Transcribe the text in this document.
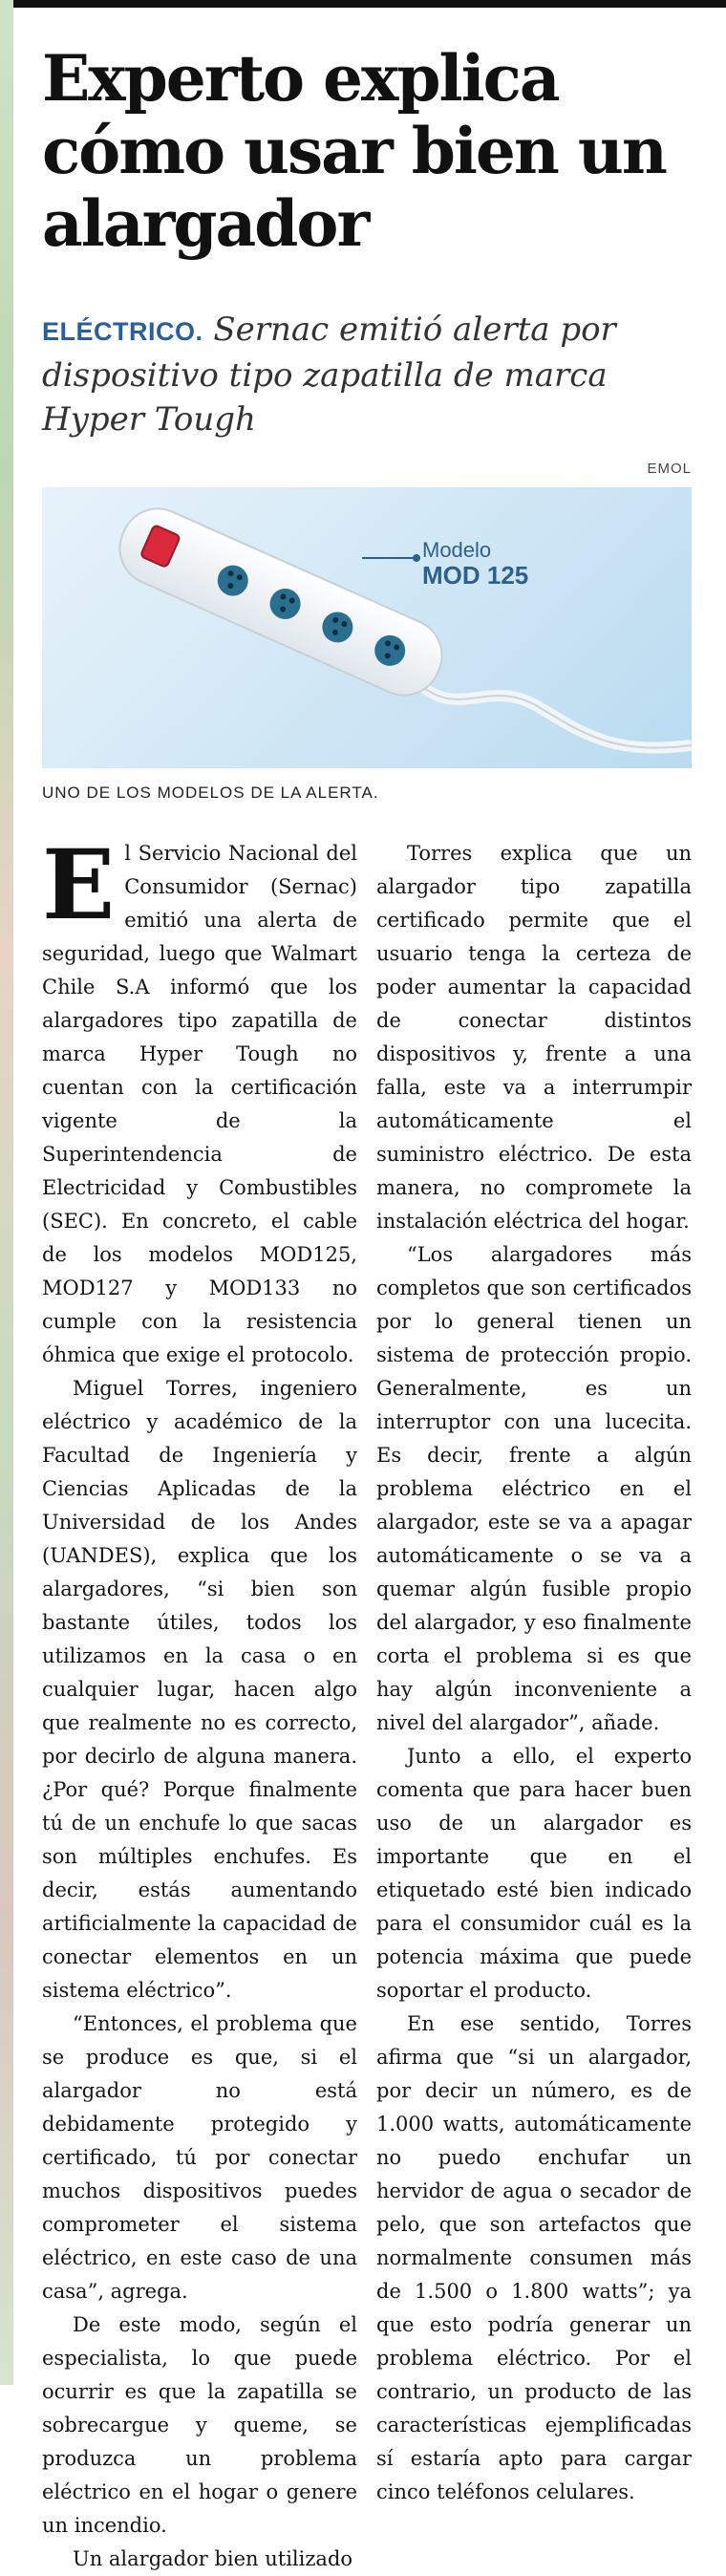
Experto explica cómo usar bien un alargador
ELÉCTRICO. Sernac emitió alerta por dispositivo tipo zapatilla de marca Hyper Tough
EMOL
Modelo
MOD 125
UNO DE LOS MODELOS DE LA ALERTA.

El Servicio Nacional del Consumidor (Sernac) emitió una alerta de seguridad, luego que Walmart Chile S.A informó que los alargadores tipo zapatilla de marca Hyper Tough no cuentan con la certificación vigente de la Superintendencia de Electricidad y Combustibles (SEC). En concreto, el cable de los modelos MOD125, MOD127 y MOD133 no cumple con la resistencia óhmica que exige el protocolo.

Miguel Torres, ingeniero eléctrico y académico de la Facultad de Ingeniería y Ciencias Aplicadas de la Universidad de los Andes (UANDES), explica que los alargadores, “si bien son bastante útiles, todos los utilizamos en la casa o en cualquier lugar, hacen algo que realmente no es correcto, por decirlo de alguna manera. ¿Por qué? Porque finalmente tú de un enchufe lo que sacas son múltiples enchufes. Es decir, estás aumentando artificialmente la capacidad de conectar elementos en un sistema eléctrico”.

“Entonces, el problema que se produce es que, si el alargador no está debidamente protegido y certificado, tú por conectar muchos dispositivos puedes comprometer el sistema eléctrico, en este caso de una casa”, agrega.

De este modo, según el especialista, lo que puede ocurrir es que la zapatilla se sobrecargue y queme, se produzca un problema eléctrico en el hogar o genere un incendio.

Un alargador bien utilizado

Torres explica que un alargador tipo zapatilla certificado permite que el usuario tenga la certeza de poder aumentar la capacidad de conectar distintos dispositivos y, frente a una falla, este va a interrumpir automáticamente el suministro eléctrico. De esta manera, no compromete la instalación eléctrica del hogar.

“Los alargadores más completos que son certificados por lo general tienen un sistema de protección propio. Generalmente, es un interruptor con una lucecita. Es decir, frente a algún problema eléctrico en el alargador, este se va a apagar automáticamente o se va a quemar algún fusible propio del alargador, y eso finalmente corta el problema si es que hay algún inconveniente a nivel del alargador”, añade.

Junto a ello, el experto comenta que para hacer buen uso de un alargador es importante que en el etiquetado esté bien indicado para el consumidor cuál es la potencia máxima que puede soportar el producto.

En ese sentido, Torres afirma que “si un alargador, por decir un número, es de 1.000 watts, automáticamente no puedo enchufar un hervidor de agua o secador de pelo, que son artefactos que normalmente consumen más de 1.500 o 1.800 watts”; ya que esto podría generar un problema eléctrico. Por el contrario, un producto de las características ejemplificadas sí estaría apto para cargar cinco teléfonos celulares.
